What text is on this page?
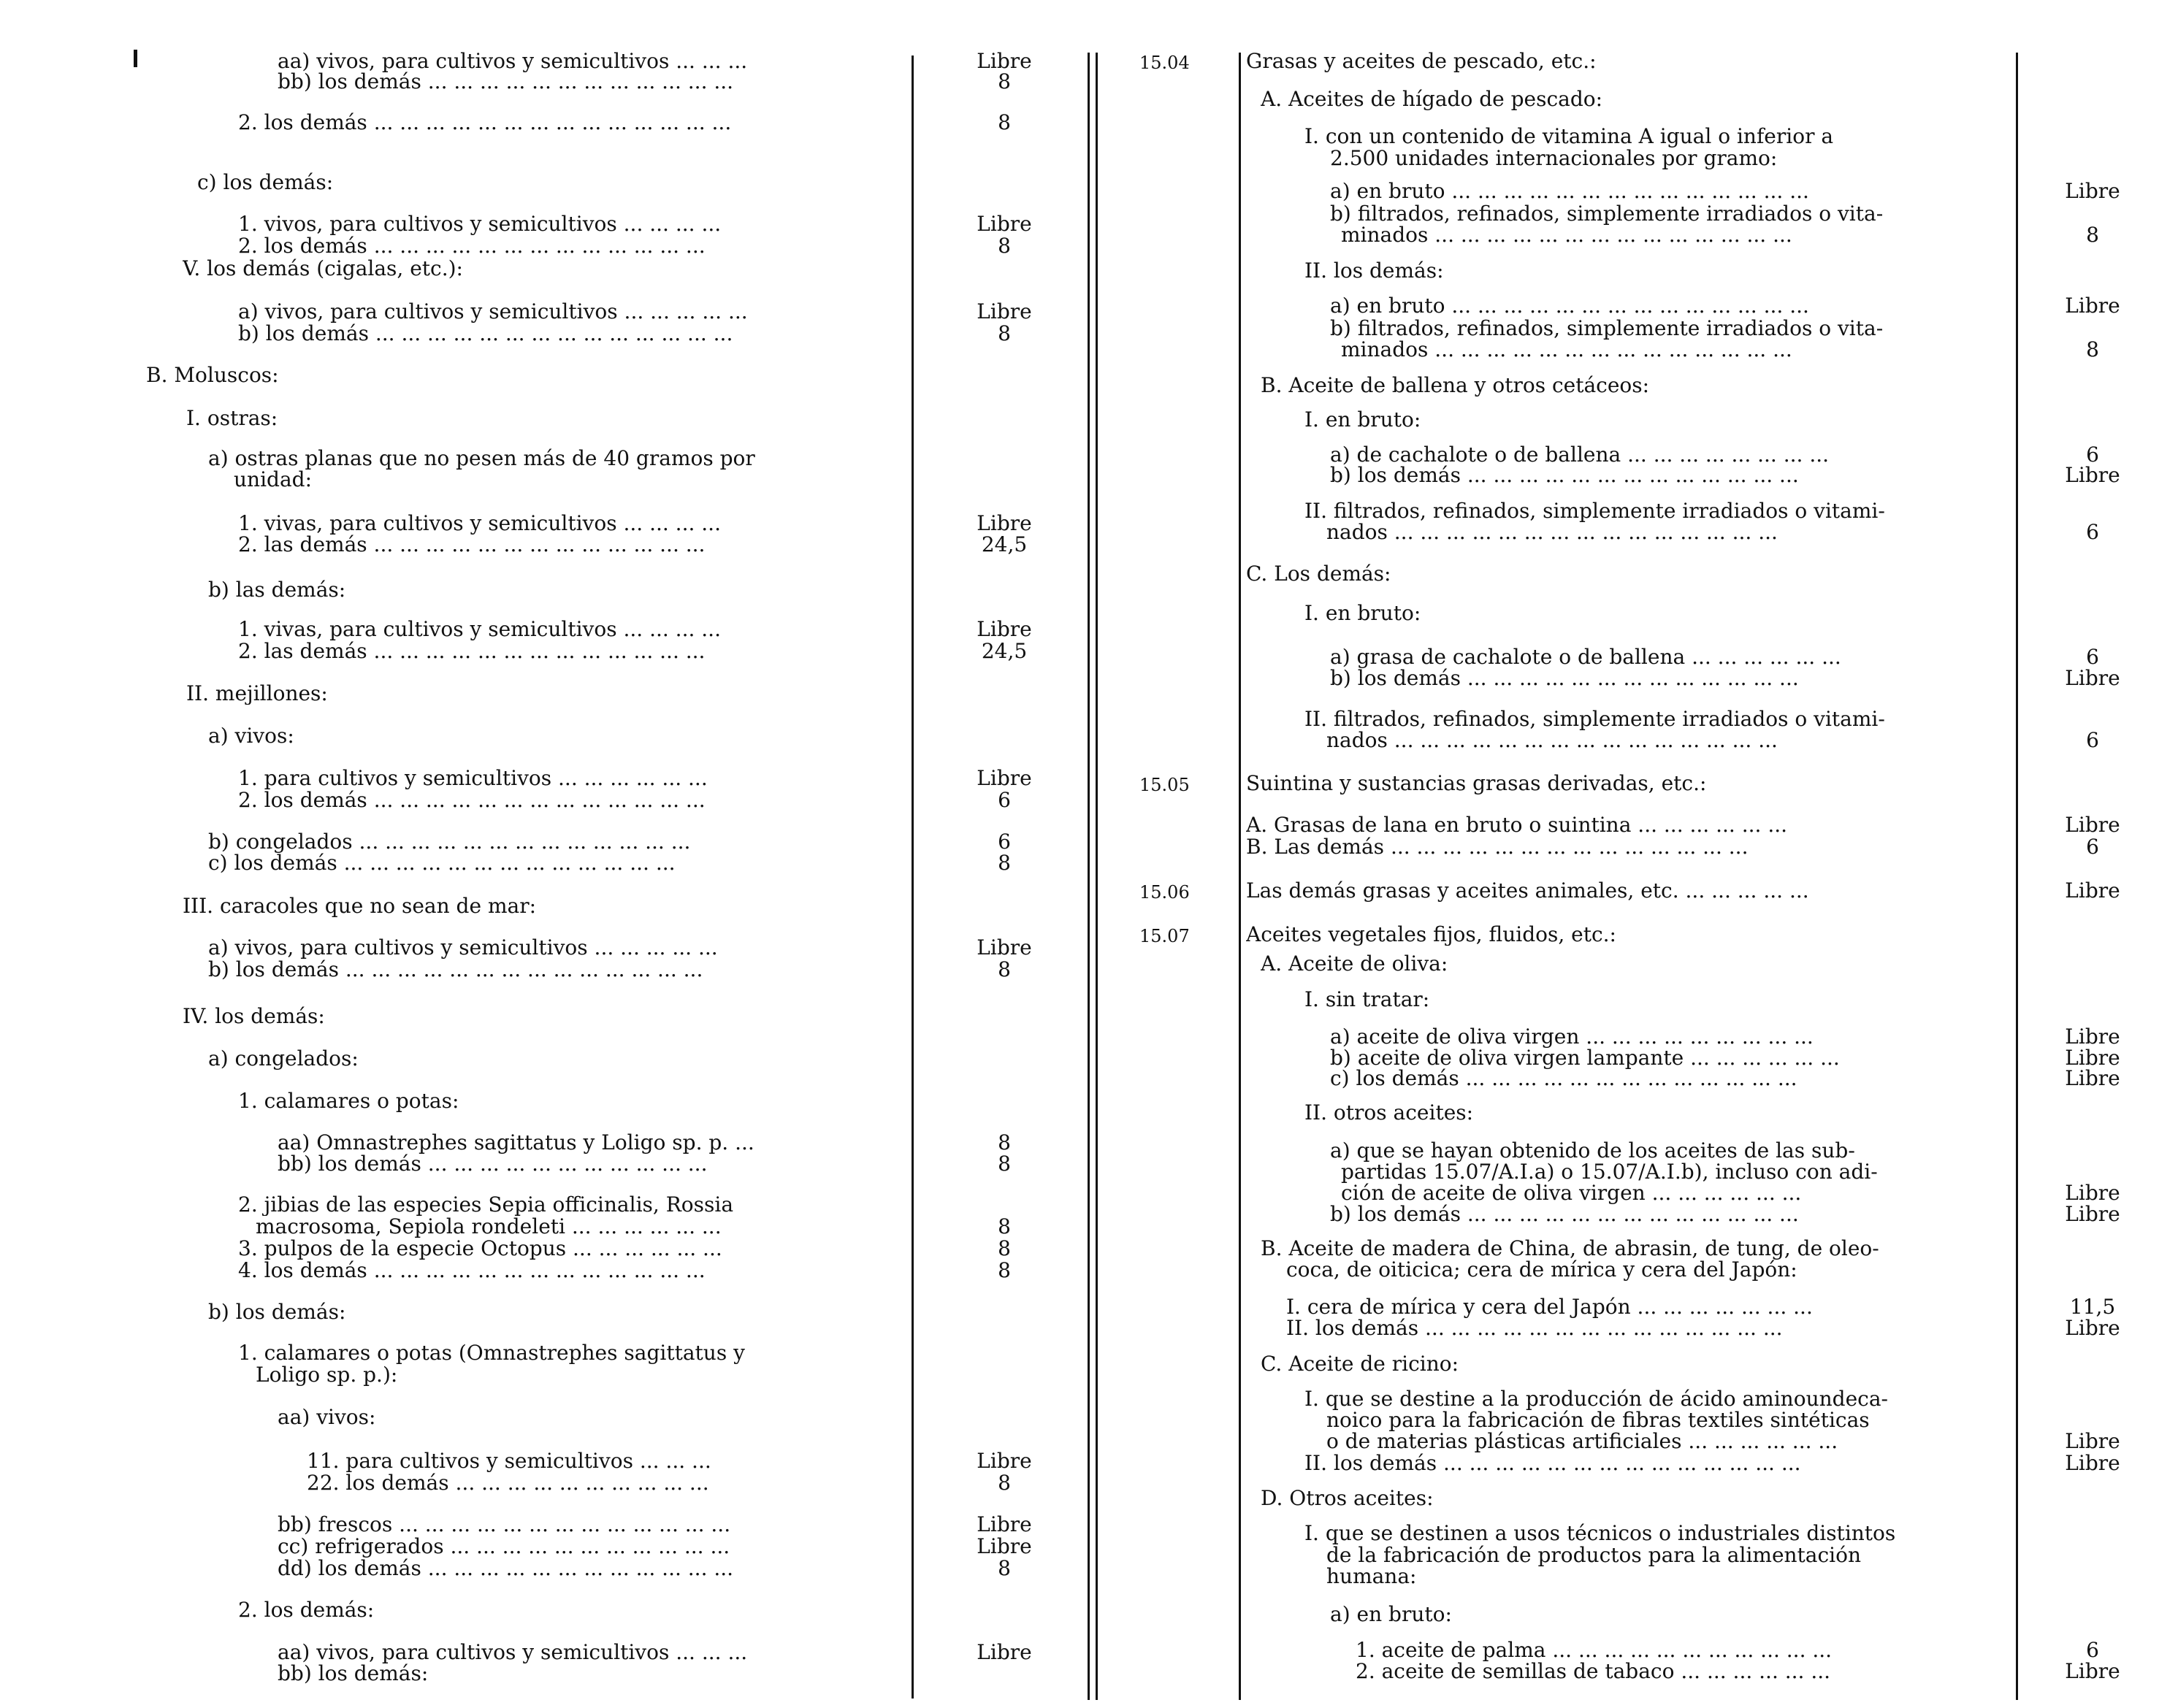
aa) vivos, para cultivos y semicultivos ... ... ...	Libre
bb) los demás ... ... ... ... ... ... ... ... ... ... ... ...	8
2. los demás ... ... ... ... ... ... ... ... ... ... ... ... ... ...	8
c) los demás:
1. vivos, para cultivos y semicultivos ... ... ... ...	Libre
2. los demás ... ... ... ... ... ... ... ... ... ... ... ... ...	8
V. los demás (cigalas, etc.):
a) vivos, para cultivos y semicultivos ... ... ... ... ...	Libre
b) los demás ... ... ... ... ... ... ... ... ... ... ... ... ... ...	8
B. Moluscos:
I. ostras:
a) ostras planas que no pesen más de 40 gramos por
unidad:
1. vivas, para cultivos y semicultivos ... ... ... ...	Libre
2. las demás ... ... ... ... ... ... ... ... ... ... ... ... ...	24,5
b) las demás:
1. vivas, para cultivos y semicultivos ... ... ... ...	Libre
2. las demás ... ... ... ... ... ... ... ... ... ... ... ... ...	24,5
II. mejillones:
a) vivos:
1. para cultivos y semicultivos ... ... ... ... ... ...	Libre
2. los demás ... ... ... ... ... ... ... ... ... ... ... ... ...	6
b) congelados ... ... ... ... ... ... ... ... ... ... ... ... ...	6
c) los demás ... ... ... ... ... ... ... ... ... ... ... ... ...	8
III. caracoles que no sean de mar:
a) vivos, para cultivos y semicultivos ... ... ... ... ...	Libre
b) los demás ... ... ... ... ... ... ... ... ... ... ... ... ... ...	8
IV. los demás:
a) congelados:
1. calamares o potas:
aa) Omnastrephes sagittatus y Loligo sp. p. ...	8
bb) los demás ... ... ... ... ... ... ... ... ... ... ...	8
2. jibias de las especies Sepia officinalis, Rossia
macrosoma, Sepiola rondeleti ... ... ... ... ... ...	8
3. pulpos de la especie Octopus ... ... ... ... ... ...	8
4. los demás ... ... ... ... ... ... ... ... ... ... ... ... ...	8
b) los demás:
1. calamares o potas (Omnastrephes sagittatus y
Loligo sp. p.):
aa) vivos:
11. para cultivos y semicultivos ... ... ...	Libre
22. los demás ... ... ... ... ... ... ... ... ... ...	8
bb) frescos ... ... ... ... ... ... ... ... ... ... ... ... ...	Libre
cc) refrigerados ... ... ... ... ... ... ... ... ... ... ...	Libre
dd) los demás ... ... ... ... ... ... ... ... ... ... ... ...	8
2. los demás:
aa) vivos, para cultivos y semicultivos ... ... ...	Libre
bb) los demás:
15.04	Grasas y aceites de pescado, etc.:
A. Aceites de hígado de pescado:
I. con un contenido de vitamina A igual o inferior a
2.500 unidades internacionales por gramo:
a) en bruto ... ... ... ... ... ... ... ... ... ... ... ... ... ...	Libre
b) filtrados, refinados, simplemente irradiados o vita-
minados ... ... ... ... ... ... ... ... ... ... ... ... ... ...	8
II. los demás:
a) en bruto ... ... ... ... ... ... ... ... ... ... ... ... ... ...	Libre
b) filtrados, refinados, simplemente irradiados o vita-
minados ... ... ... ... ... ... ... ... ... ... ... ... ... ...	8
B. Aceite de ballena y otros cetáceos:
I. en bruto:
a) de cachalote o de ballena ... ... ... ... ... ... ... ...	6
b) los demás ... ... ... ... ... ... ... ... ... ... ... ... ...	Libre
II. filtrados, refinados, simplemente irradiados o vitami-
nados ... ... ... ... ... ... ... ... ... ... ... ... ... ... ...	6
C. Los demás:
I. en bruto:
a) grasa de cachalote o de ballena ... ... ... ... ... ...	6
b) los demás ... ... ... ... ... ... ... ... ... ... ... ... ...	Libre
II. filtrados, refinados, simplemente irradiados o vitami-
nados ... ... ... ... ... ... ... ... ... ... ... ... ... ... ...	6
15.05	Suintina y sustancias grasas derivadas, etc.:
A. Grasas de lana en bruto o suintina ... ... ... ... ... ...	Libre
B. Las demás ... ... ... ... ... ... ... ... ... ... ... ... ... ...	6
15.06	Las demás grasas y aceites animales, etc. ... ... ... ... ...	Libre
15.07	Aceites vegetales fijos, fluidos, etc.:
A. Aceite de oliva:
I. sin tratar:
a) aceite de oliva virgen ... ... ... ... ... ... ... ... ...	Libre
b) aceite de oliva virgen lampante ... ... ... ... ... ...	Libre
c) los demás ... ... ... ... ... ... ... ... ... ... ... ... ...	Libre
II. otros aceites:
a) que se hayan obtenido de los aceites de las sub-
partidas 15.07/A.I.a) o 15.07/A.I.b), incluso con adi-
ción de aceite de oliva virgen ... ... ... ... ... ...	Libre
b) los demás ... ... ... ... ... ... ... ... ... ... ... ... ...	Libre
B. Aceite de madera de China, de abrasin, de tung, de oleo-
coca, de oiticica; cera de mírica y cera del Japón:
I. cera de mírica y cera del Japón ... ... ... ... ... ... ...	11,5
II. los demás ... ... ... ... ... ... ... ... ... ... ... ... ... ...	Libre
C. Aceite de ricino:
I. que se destine a la producción de ácido aminoundeca-
noico para la fabricación de fibras textiles sintéticas
o de materias plásticas artificiales ... ... ... ... ... ...	Libre
II. los demás ... ... ... ... ... ... ... ... ... ... ... ... ... ...	Libre
D. Otros aceites:
I. que se destinen a usos técnicos o industriales distintos
de la fabricación de productos para la alimentación
humana:
a) en bruto:
1. aceite de palma ... ... ... ... ... ... ... ... ... ... ...	6
2. aceite de semillas de tabaco ... ... ... ... ... ...	Libre
